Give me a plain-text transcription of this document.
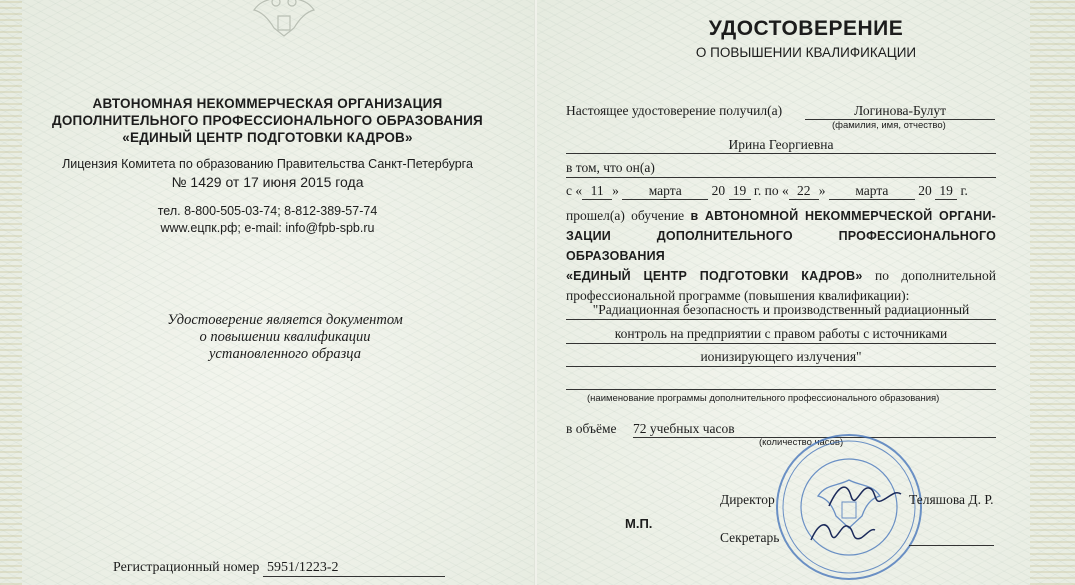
АВТОНОМНАЯ НЕКОММЕРЧЕСКАЯ ОРГАНИЗАЦИЯ
ДОПОЛНИТЕЛЬНОГО ПРОФЕССИОНАЛЬНОГО ОБРАЗОВАНИЯ
«ЕДИНЫЙ ЦЕНТР ПОДГОТОВКИ КАДРОВ»
Лицензия Комитета по образованию Правительства Санкт-Петербурга
№ 1429 от 17 июня 2015 года
тел. 8-800-505-03-74; 8-812-389-57-74
www.ецпк.рф; e-mail: info@fpb-spb.ru
Удостоверение является документом
о повышении квалификации
установленного образца
Регистрационный номер 5951/1223-2
УДОСТОВЕРЕНИЕ
О ПОВЫШЕНИИ КВАЛИФИКАЦИИ
Настоящее удостоверение получил(а)	Логинова-Булут
(фамилия, имя, отчество)
Ирина Георгиевна
в том, что он(а)
с « 11 » марта 20 19 г. по « 22 » марта 20 19 г.
прошел(а) обучение в АВТОНОМНОЙ НЕКОММЕРЧЕСКОЙ ОРГАНИ-
ЗАЦИИ ДОПОЛНИТЕЛЬНОГО ПРОФЕССИОНАЛЬНОГО ОБРАЗОВАНИЯ
«ЕДИНЫЙ ЦЕНТР ПОДГОТОВКИ КАДРОВ» по дополнительной
профессиональной программе (повышения квалификации):
"Радиационная безопасность и производственный радиационный
контроль на предприятии с правом работы с источниками
ионизирующего излучения"
(наименование программы дополнительного профессионального образования)
в объёме 72 учебных часов
(количество часов)
Директор	Теляшова Д. Р.
М.П.
Секретарь
